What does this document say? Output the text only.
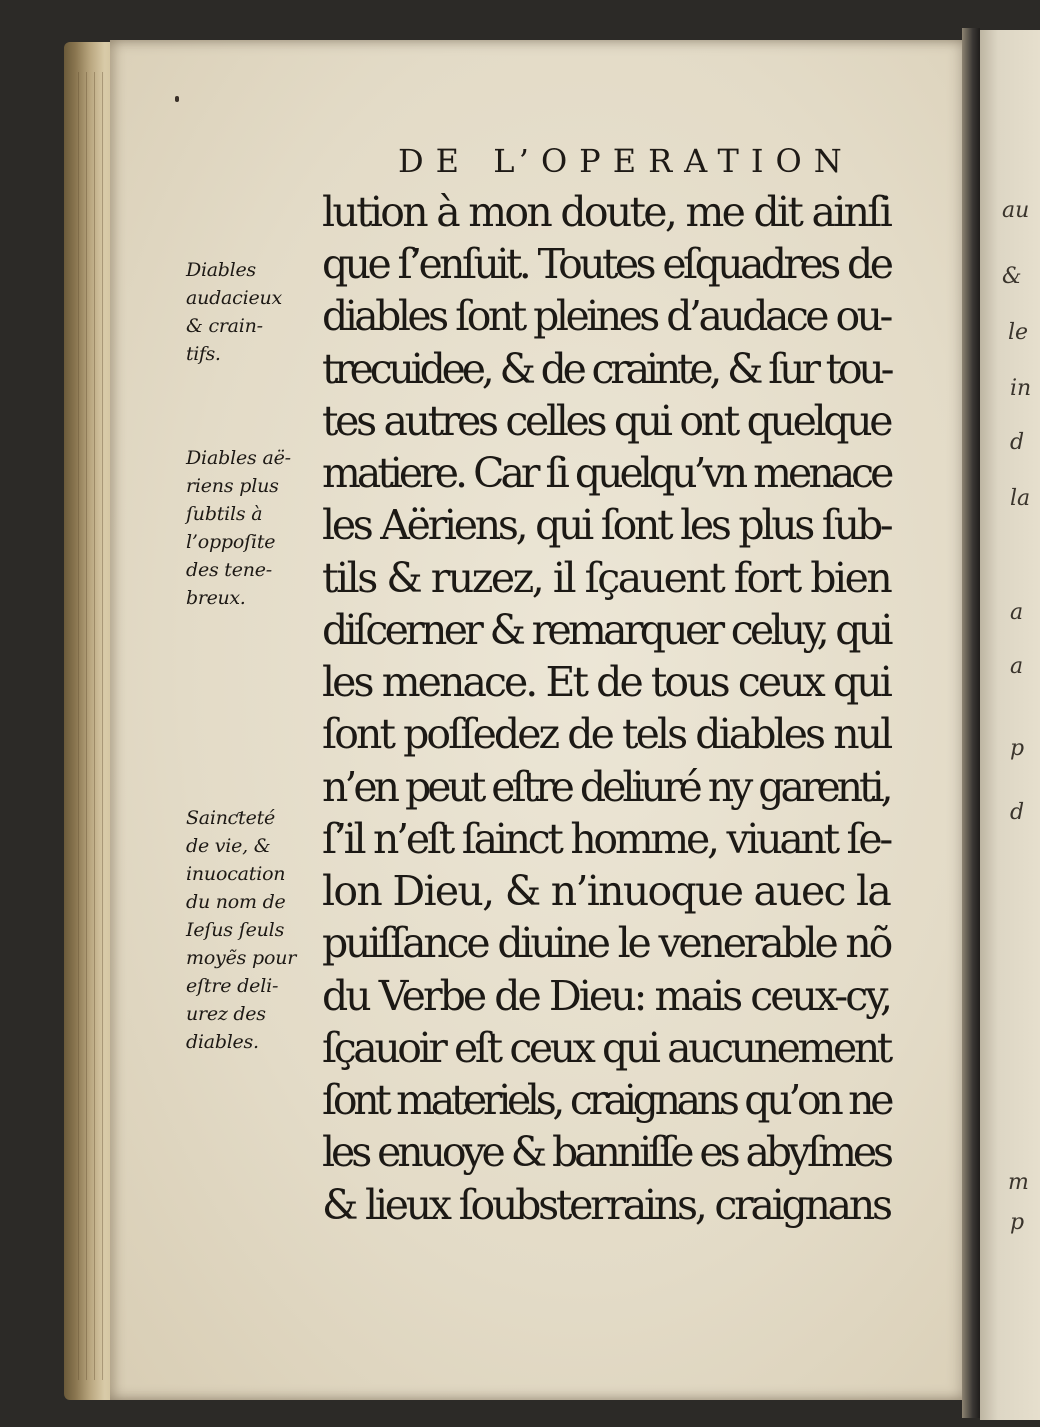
au
&
le
in
d
la
a
a
p
d
m
p
DE L’OPERATION
lution à mon doute, me dit ainſi
que ſ’enſuit. Toutes eſquadres de
diables ſont pleines d’audace ou-
trecuidee, & de crainte, & ſur tou-
tes autres celles qui ont quelque
matiere. Car ſi quelqu’vn menace
les Aëriens, qui ſont les plus ſub-
tils & ruzez, il ſçauent fort bien
diſcerner & remarquer celuy, qui
les menace. Et de tous ceux qui
ſont poſſedez de tels diables nul
n’en peut eſtre deliuré ny garenti,
ſ’il n’eſt ſainct homme, viuant ſe-
lon Dieu, & n’inuoque auec la
puiſſance diuine le venerable nõ
du Verbe de Dieu: mais ceux-cy,
ſçauoir eſt ceux qui aucunement
ſont materiels, craignans qu’on ne
les enuoye & banniſſe es abyſmes
& lieux ſoubsterrains, craignans
Diables
audacieux
& crain-
tifs.
Diables aë-
riens plus
ſubtils à
l’oppoſite
des tene-
breux.
Sainƈteté
de vie, &
inuocation
du nom de
Ieſus ſeuls
moyẽs pour
eſtre deli-
urez des
diables.
